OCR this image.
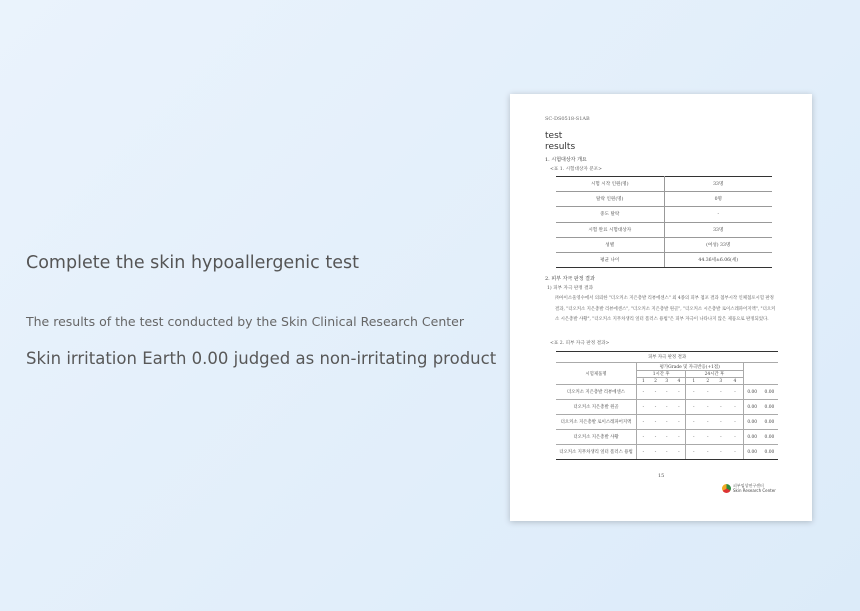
Complete the skin hypoallergenic test
The results of the test conducted by the Skin Clinical Research Center
Skin irritation Earth 0.00 judged as non-irritating product
SC-DS0518-S1AB
test results
1. 시험대상자 개요
<표 1. 시험대상자 분포>
시험 시작 인원(명)	33명
탈락 인원(명)	0명
중도 탈락	-
시험 완료 시험대상자	33명
성별	(여성) 33명
평균 나이	44.36세±6.06(세)
2. 피부 자극 판정 결과
1) 피부 자극 판정 결과
㈜아이소울영수에서 의뢰한 "더오커소 지은총발 리뷰에센스" 외 4종의 피부 첩포 결과 첩부시작 인체첩포시험 판정 결과, "더오커소 지은총발 리뷰에센스", "더오커소 지은총발 원골", "더오커소 시은총발 로이스레파어지액", "더오커소 시은총발 샤황", "더오커소 지무차생리 얼터 폼러스 용법"은 피부 자극이 나타나지 않은 제품으로 판정되었다.
<표 2. 피부 자극 판정 결과>
피부 자극 판정 결과										
시험제품명	평가Grade 및 자극반응(+1점)									
	1시간 후				24시간 후					
	1	2	3	4	1	2	3	4		
더오커소 지은총발 리뷰에센스	-	-	-	-	-	-	-	-	0.00	0.00
더오커소 지은총발 원골	-	-	-	-	-	-	-	-	0.00	0.00
더오커소 지은총발 로이스레파어지액	-	-	-	-	-	-	-	-	0.00	0.00
더오커소 지은총발 샤황	-	-	-	-	-	-	-	-	0.00	0.00
더오커소 지무차생리 얼터 폼러스 용법	-	-	-	-	-	-	-	-	0.00	0.00
15
피부임상연구센터
Skin Research Center
